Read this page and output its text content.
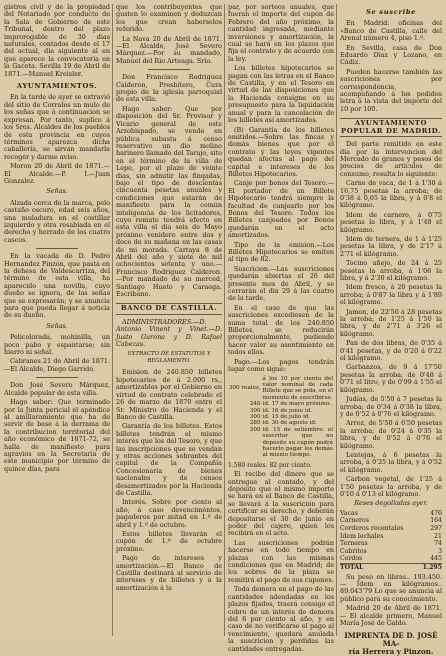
gistros civil y de la propiedad del Notariado por conducto de la Sala de Gobierno de este Tribunal, dentro del plazo improrogable de 30 dias naturales, contados desde el 17 del actual, día siguiente al en que aparece la convocatoria en la Gaceta. Sevilla 19 de Abril de 1871.—Manuel Kreisler.

AYUNTAMIENTOS.

En la tarde de ayer se extravió del sitio de Corrales un mulo de los señas que á continuacion se expresan. Por tanto, suplico á los Sres. Alcaldes de los pueblos de esta provincia en cuyos términos aparezca dicha caballería, se sirvan mandarla recoger y darme aviso.

Moron 20 de Abril de 1871.—El Alcalde.—P. I.—Juan Gonzalez.

Señas.

Alzada cerca de la marca, pelo castaño oscuro, edad seis años, una muladura en el costillar izquierdo y otra resabiada en el derecho y herrado de los cuatro cascos.

En la vacada de D. Pedro Hernandez Pinzon, que pasta en la dehesa de Valdescarriza, del término de esta villa, ha aparecido una novilla, cuyo dueño se ignora, de las señas que se expresarán; y se anuncia para que pueda llegar á noticia de su dueño.

Señas.

Pelicolorada, mohinilla, un poco pabo y espantarse; sin hierro ni señal.

Cabranes 21 de Abril de 1871.—El Alcalde, Diego Garrido.

Don José Severo Márquez, Alcalde popular de esta villa.

Hago saber: Que terminado por la Junta pericial el apéndice al amillaramiento que ha de servir de base á la derrama de la contribucion territorial del año económico de 1871-72, se halla de manifiesto para agravios en la Secretaría de este municipio por término de quince días, para

que los contribuyentes que gusten lo examinen y deduzcan los que crean haberselos referido.

La Nava 20 de Abril de 1871.—El Alcalde, José Severo Márquez.—Por su mandado, Manuel del Rio Arteaga. Srio.

Don Francisco Rodriguez Calderon, Presbítero, Cura propio de la iglesia parroquial de esta villa.

Hago saber: Que por disposición del Sr. Provisor y Vicario general de este Arzobispado, se vende en pública subasta á censo reservativo un dio molino harinero llamado del Tarajo, sito en el término de la villa de Lepe, por el plazo de veinte dias, sin admitir las finqadas, bajo el tipo de doscientas cincuenta pesetas anuales y condiciones que estarán de manifiesto para la común inteligencia de los licitadores, cuyo remate tendrá efecto en esta villa el dia seis de Mayo próximo venidero entre dos y doce de su mañana en las casas de mi morada. Cartaya 8 de Abril del año y siete de mil ochocientos setenta y uno.—Francisco Rodriguez Calderon.—Por mandado de su merced, Santiago Hueto y Caraega. Escribano.

BANCO DE CASTILLA.

ADMINISTRADORES.—D. Antonio Vinent y Vinet.—D. Justo Gurona y D. Rafael Cabezas.

EXTRACTO DE ESTATUTOS Y REGLAMENTO.

Emision de 240.850 billetes hipotecarios de á 2.000 rs., amortizables por el Gobierno en virtud de contrato celebrado el 26 de marzo de 1870 entre el Sr. Ministro de Hacienda y el Banco de Castilla.

Garantía de los billetes. Estos billetes tendrán el mismo interés que los del Tesoro, y que las inscripciones que se vendan y otras acciones sobrantes del capital de la Compañía Concesionaria de bienes nacionales y de censos desamortizados por la Hacienda de Castilla.

Interés. Sobre por ciento al año, á caso devenciméntos, pagaderos por mitad en 1.º de abril y 1.º de octubre.

Estos billetes llevarán el cupón de 1.º de octubre próximo.

Pago de intereses y amortización.—El Banco de Castilla destinará al servicio de intereses y de billetes y á la amortización á la

par, por sorteos anuales, que fueran el importe del cupón de Febrero del año próximo, la cantidad ingresada, mediante inversiones y amortización, la cual se hará en los plazos que fija el contrato y de acuerdo con la ley.

Los billetes hipotecarios se pagan con las letras en el Banco de Castilla, y en el Tesoro en virtud de las disposiciones que la Hacienda consigne en su presupuesto para la liquidación anual y para la cancelación de los billetes así amortizados.

(B) Garantía de los billetes emitidos.—Sobre las fincas y demás bienes que por el contrato y las leyes vigentes quedan afectas al pago del capital e intereses de los Billetes Hipotecarios.

Canje por bonos del Tesoro.—El portador de un Billete Hipotecario tendrá siempre la facultad de canjearlo por los Bonos del Tesoro. Todos los Billetes canjeados por Bonos quedarán en el acto amortizados.

Tipo de la emision.—Los Billetes Hipotecarios se emiten al tipo de 82.

Suscricion.—Las suscriciones quedarán abiertas el 26 del presente mes de Abril, y se cerrarán el dia 29 á las cuatro de la tarde.

En el caso de que las suscriciones excediesen de la suma total de los 240.850 Billetes, se reducirán proporcionalmente, pudiendo hacer valer su asentimiento en todos ellos.

Pago.—Los pagos tendrán lugar como sigue:

300 reales,	á los 10 por ciento del valor nominal de cada Billete que se pida, en el momento de suscribirse.
240	id. 17 de mayo próximo.
300	id. 16 de junio id.
300	id. 15 de julio id.
280	id. 30 de agosto id.
200	id. 15 de setiembre: el suscritor que no deposite su cupón podrá hacerlo pagar los demás al mismo tiempo.

1.580 reales. 82 por ciento.

El recibo del dinero que se entregue al contado, y del depósito que el mismo importe se hará en el Banco de Castilla, se llevará á la suscricion para certificar su derecho, y deberán depositarse el 30 de junio en poder del cajero, quien los recibirá en el acto.

Las suscriciones podrán hacerse en todo tiempo en plazas con las mismas condiciones que en Madrid; de los sobres de la plaza se remitirá el pago de sus cupones.

Toda demora en el pago de las cantidades adeudadas en los plazos fijados, traerá consigo el cobro de un interés de demora del 6 por ciento al año, y en caso de no verificarse el pago al vencimiento, quedará anulada la suscricion y perdidas las cantidades entregadas.

Se suscribe

En Madrid: oficinas del «Banco de Castilla, calle del Arenal número 4, piso 1.º.

En Sevilla, casa de Don Eduardo Díaz y Lozano, en Cádiz.

Pueden hacerse también las suscriciones por correspondencia, acompañando á los pedidos letra á la vista del importe del 10 por 100.

AYUNTAMIENTO POPULAR DE MADRID.

Del parte remitido en este dia por la intervencion del Mercado de granos y pesos de precios de artículos de consumo, resulta lo siguiente:

Carne de vaca, de 1 á 1'30 á 16,75 pesetas la arroba; de 0'38 á 0,65 la libra, y á 0'8 el kilógramo.

Idem de carnero, á 0'75 pesetas la libra, y á 1'48 el kilógramo.

Idem de ternera, de 1 á 1'25 pesetas la libra, y de 2'17 á 2'71 el kilógramo.

Tocino añejo, de 24 á 25 pesetas la arroba, á 1'06 la libra, y á 2'30 el kilógramo.

Idem fresco, á 20 pesetas la arroba; á 0'87 la libra y á 1'89 el kilógramo.

Jamon, de 22'50 á 28 pesetas la arroba; de 1'25 á 1'50 la libra, y de 2'71 á 3'26 el kilógramo.

Pan de dos libras, de 0'35 á 0'41 pesetas, y de 0'20 á 0'22 el kilógramo.

Garbanzos, de 9 á 17'50 pesetas la arroba; de 0'48 á 0'71 el litro, y de 0'99 á 1'55 el kilógramo.

Judías, de 5'50 á 7 pesetas la arroba; de 0'34 á 0'38 la libra, y de 0'52 á 0'76 el kilógramo.

Arroz, de 5'50 á 6'50 pesetas la arroba; de 0'24 á 0'35 la libra, y de 0'52 á 0'76 el kilógramo.

Lentejas, á 6 pesetas la arroba, á 0'25 la libra, y á 0'52 el kilógramo.

Carbon vegetal, de 1'25 á 1'50 pesetas la arroba, y de 0'10 á 0'13 el kilógramo.

Reses degolladas ayer.
Vacas	476
Carneros	164
Corderos recentales	297
Idem lechales	21
Terneras	74
Cabritos	3
Cerdos	445
TOTAL	1.295

Su peso en libras.. 193.450.— Idem en kilógramos.. 89.043'79 Lo que se anuncia al público para su conocimiento.

Madrid 20 de Abril de 1871.— El alcalde primero, Manuel María José de Galdo.

IMPRENTA DE D. JOSÉ MA-
ría Herrera y Pinzon.
